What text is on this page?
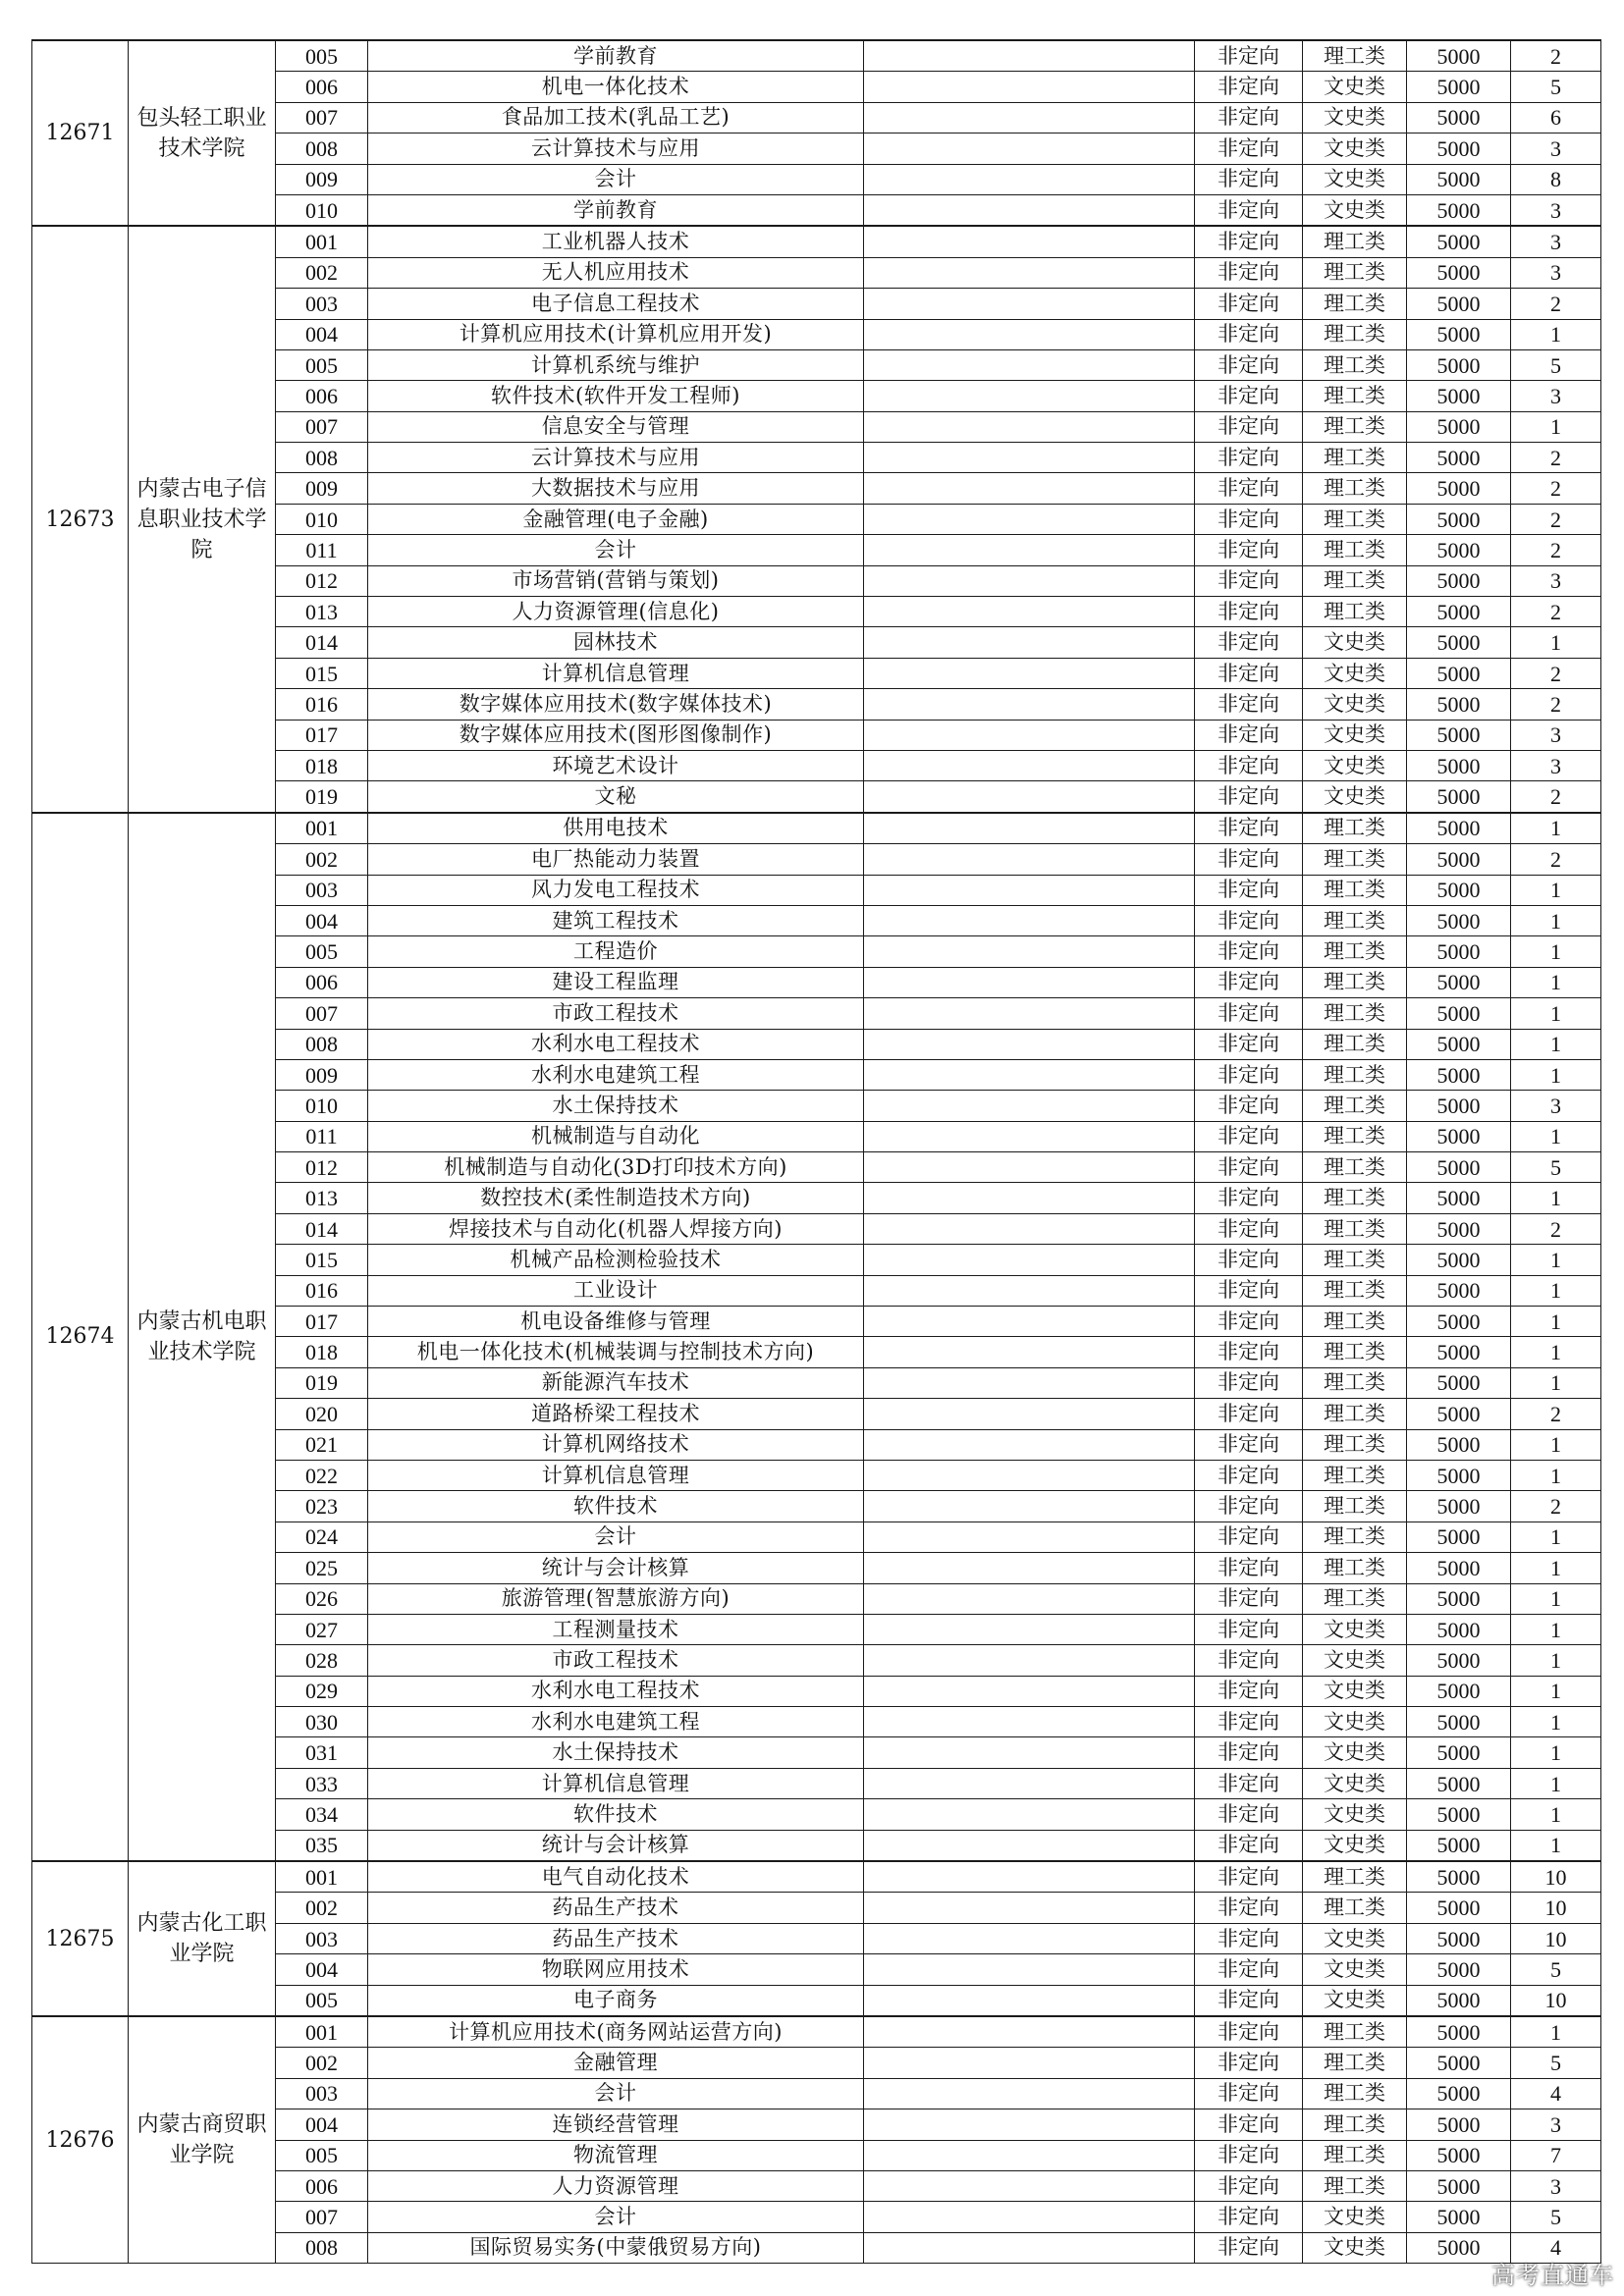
12671	包头轻工职业技术学院	005	学前教育		非定向	理工类	5000	2
		006	机电一体化技术		非定向	文史类	5000	5
		007	食品加工技术(乳品工艺)		非定向	文史类	5000	6
		008	云计算技术与应用		非定向	文史类	5000	3
		009	会计		非定向	文史类	5000	8
		010	学前教育		非定向	文史类	5000	3
12673	内蒙古电子信息职业技术学院	001	工业机器人技术		非定向	理工类	5000	3
		002	无人机应用技术		非定向	理工类	5000	3
		003	电子信息工程技术		非定向	理工类	5000	2
		004	计算机应用技术(计算机应用开发)		非定向	理工类	5000	1
		005	计算机系统与维护		非定向	理工类	5000	5
		006	软件技术(软件开发工程师)		非定向	理工类	5000	3
		007	信息安全与管理		非定向	理工类	5000	1
		008	云计算技术与应用		非定向	理工类	5000	2
		009	大数据技术与应用		非定向	理工类	5000	2
		010	金融管理(电子金融)		非定向	理工类	5000	2
		011	会计		非定向	理工类	5000	2
		012	市场营销(营销与策划)		非定向	理工类	5000	3
		013	人力资源管理(信息化)		非定向	理工类	5000	2
		014	园林技术		非定向	文史类	5000	1
		015	计算机信息管理		非定向	文史类	5000	2
		016	数字媒体应用技术(数字媒体技术)		非定向	文史类	5000	2
		017	数字媒体应用技术(图形图像制作)		非定向	文史类	5000	3
		018	环境艺术设计		非定向	文史类	5000	3
		019	文秘		非定向	文史类	5000	2
12674	内蒙古机电职业技术学院	001	供用电技术		非定向	理工类	5000	1
		002	电厂热能动力装置		非定向	理工类	5000	2
		003	风力发电工程技术		非定向	理工类	5000	1
		004	建筑工程技术		非定向	理工类	5000	1
		005	工程造价		非定向	理工类	5000	1
		006	建设工程监理		非定向	理工类	5000	1
		007	市政工程技术		非定向	理工类	5000	1
		008	水利水电工程技术		非定向	理工类	5000	1
		009	水利水电建筑工程		非定向	理工类	5000	1
		010	水土保持技术		非定向	理工类	5000	3
		011	机械制造与自动化		非定向	理工类	5000	1
		012	机械制造与自动化(3D打印技术方向)		非定向	理工类	5000	5
		013	数控技术(柔性制造技术方向)		非定向	理工类	5000	1
		014	焊接技术与自动化(机器人焊接方向)		非定向	理工类	5000	2
		015	机械产品检测检验技术		非定向	理工类	5000	1
		016	工业设计		非定向	理工类	5000	1
		017	机电设备维修与管理		非定向	理工类	5000	1
		018	机电一体化技术(机械装调与控制技术方向)		非定向	理工类	5000	1
		019	新能源汽车技术		非定向	理工类	5000	1
		020	道路桥梁工程技术		非定向	理工类	5000	2
		021	计算机网络技术		非定向	理工类	5000	1
		022	计算机信息管理		非定向	理工类	5000	1
		023	软件技术		非定向	理工类	5000	2
		024	会计		非定向	理工类	5000	1
		025	统计与会计核算		非定向	理工类	5000	1
		026	旅游管理(智慧旅游方向)		非定向	理工类	5000	1
		027	工程测量技术		非定向	文史类	5000	1
		028	市政工程技术		非定向	文史类	5000	1
		029	水利水电工程技术		非定向	文史类	5000	1
		030	水利水电建筑工程		非定向	文史类	5000	1
		031	水土保持技术		非定向	文史类	5000	1
		033	计算机信息管理		非定向	文史类	5000	1
		034	软件技术		非定向	文史类	5000	1
		035	统计与会计核算		非定向	文史类	5000	1
12675	内蒙古化工职业学院	001	电气自动化技术		非定向	理工类	5000	10
		002	药品生产技术		非定向	理工类	5000	10
		003	药品生产技术		非定向	文史类	5000	10
		004	物联网应用技术		非定向	文史类	5000	5
		005	电子商务		非定向	文史类	5000	10
12676	内蒙古商贸职业学院	001	计算机应用技术(商务网站运营方向)		非定向	理工类	5000	1
		002	金融管理		非定向	理工类	5000	5
		003	会计		非定向	理工类	5000	4
		004	连锁经营管理		非定向	理工类	5000	3
		005	物流管理		非定向	理工类	5000	7
		006	人力资源管理		非定向	理工类	5000	3
		007	会计		非定向	文史类	5000	5
		008	国际贸易实务(中蒙俄贸易方向)		非定向	文史类	5000	4
高考直通车
